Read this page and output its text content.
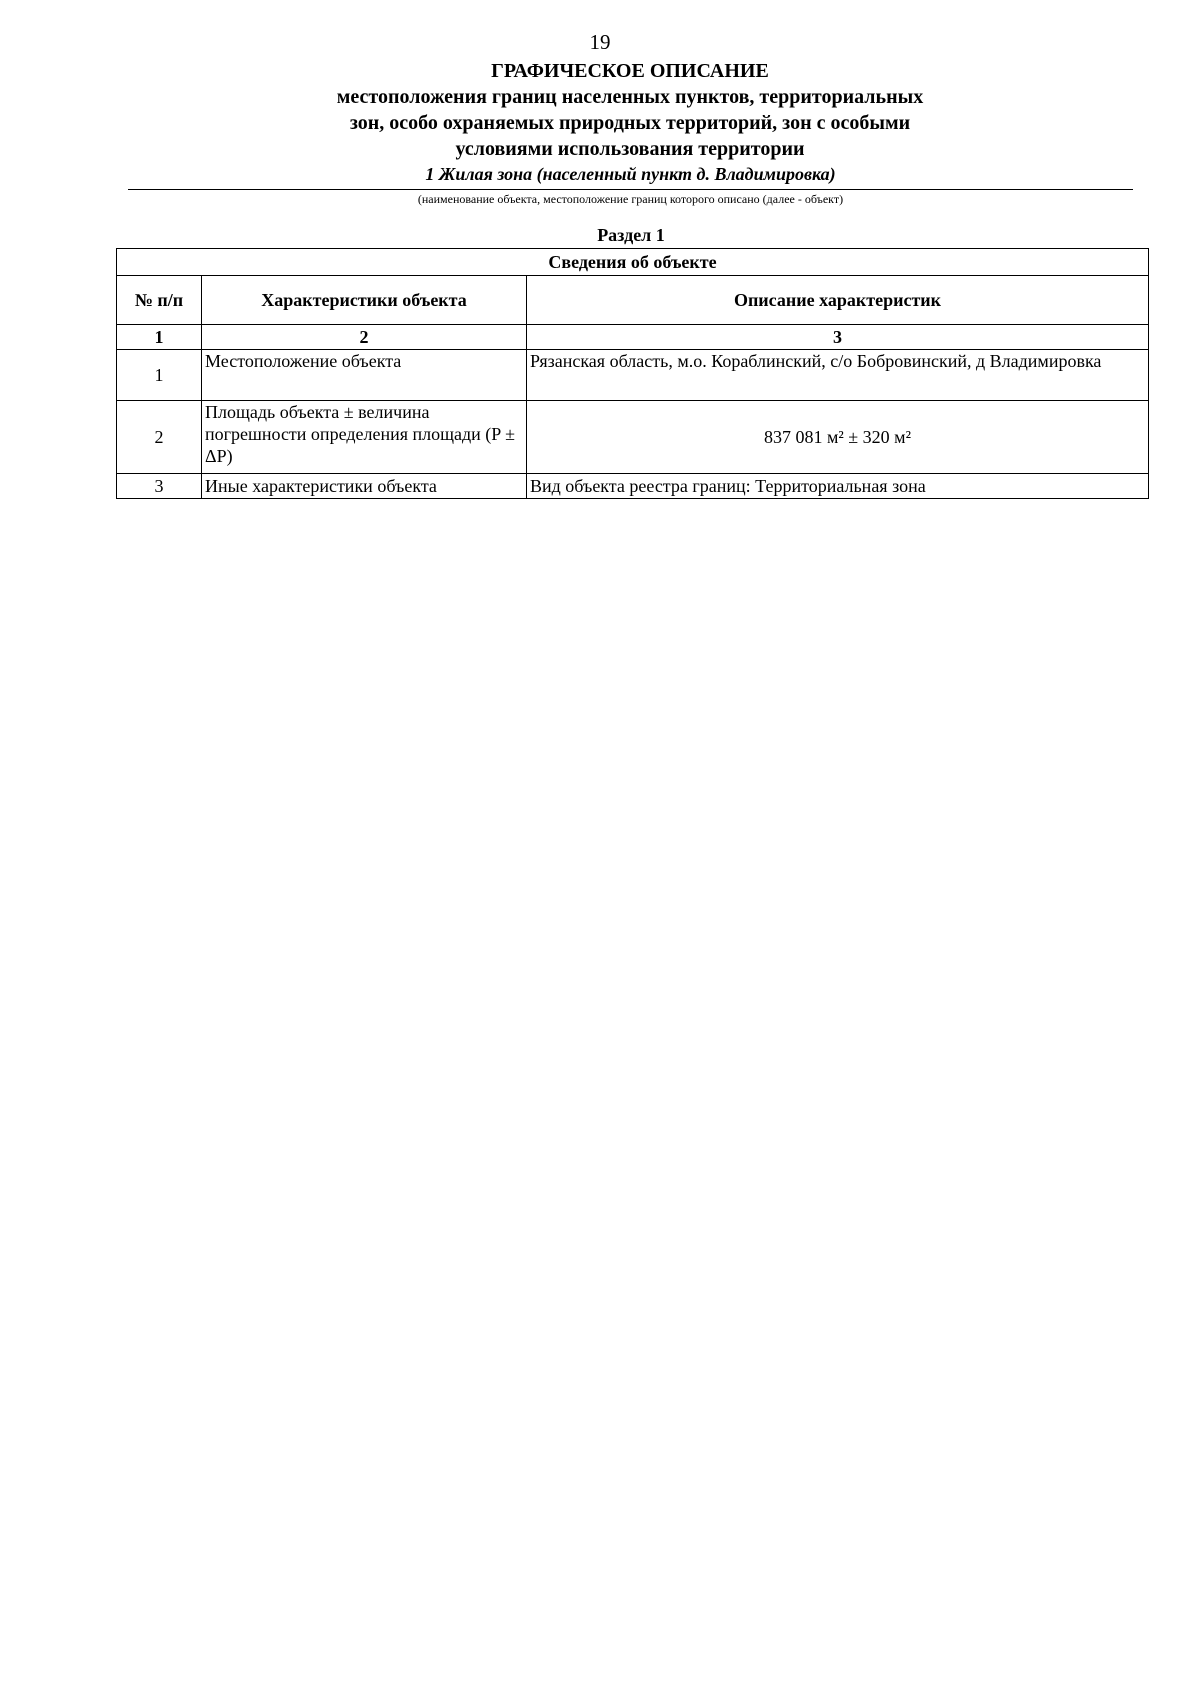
19
ГРАФИЧЕСКОЕ ОПИСАНИЕ
местоположения границ населенных пунктов, территориальных
зон, особо охраняемых природных территорий, зон с особыми
условиями использования территории
1 Жилая зона (населенный пункт д. Владимировка)
(наименование объекта, местоположение границ которого описано (далее - объект)
Раздел 1
Сведения об объекте		
№ п/п	Характеристики объекта	Описание характеристик
1	2	3
1	Местоположение объекта	Рязанская область, м.о. Кораблинский, с/о Бобровинский, д Владимировка
2	Площадь объекта ± величина погрешности определения площади (P ± ΔP)	837 081 м² ± 320 м²
3	Иные характеристики объекта	Вид объекта реестра границ: Территориальная зона
